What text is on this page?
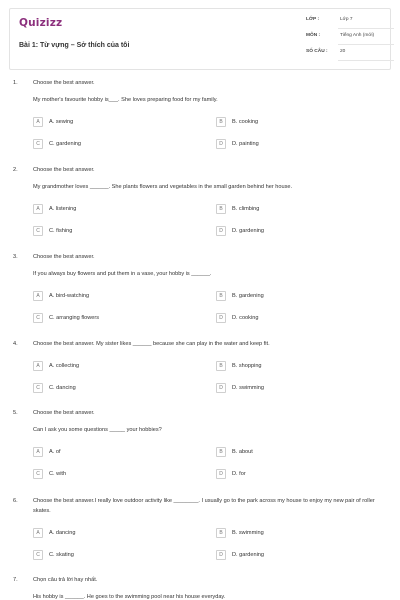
Quizizz
Bài 1: Từ vựng – Sở thích của tôi
LỚP :	Lớp 7
MÔN :	Tiếng Anh (mới)
SỐ CÂU :	20
1.	Choose the best answer.
My mother's favourite hobby is___. She loves preparing food for my family.
A	A. sewing	B	B. cooking
C	C. gardening	D	D. painting
2.	Choose the best answer.
My grandmother loves ______. She plants flowers and vegetables in the small garden behind her house.
A	A. listening	B	B. climbing
C	C. fishing	D	D. gardening
3.	Choose the best answer.
If you always buy flowers and put them in a vase, your hobby is ______.
A	A. bird-watching	B	B. gardening
C	C. arranging flowers	D	D. cooking
4.	Choose the best answer. My sister likes ______ because she can play in the water and keep fit.
A	A. collecting	B	B. shopping
C	C. dancing	D	D. swimming
5.	Choose the best answer.
Can I ask you some questions _____ your hobbies?
A	A. of	B	B. about
C	C. with	D	D. for
6.	Choose the best answer.I really love outdoor activity like ________. I usually go to the park across my house to enjoy my new pair of roller skates.
A	A. dancing	B	B. swimming
C	C. skating	D	D. gardening
7.	Chọn câu trả lời hay nhất.
His hobby is ______. He goes to the swimming pool near his house everyday.
